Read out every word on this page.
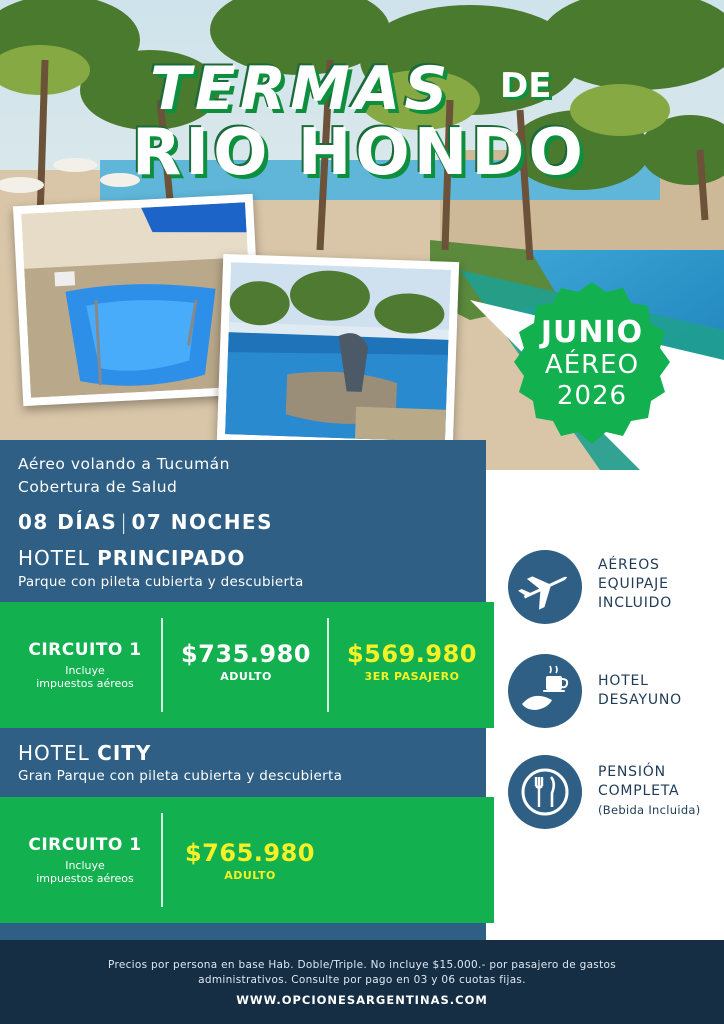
TERMAS DE
RIO HONDO
JUNIO
AÉREO
2026
Aéreo volando a Tucumán
Cobertura de Salud
08 DÍAS | 07 NOCHES
HOTEL PRINCIPADO
Parque con pileta cubierta y descubierta
CIRCUITO 1
Incluye
impuestos aéreos
$735.980
ADULTO
$569.980
3ER PASAJERO
HOTEL CITY
Gran Parque con pileta cubierta y descubierta
CIRCUITO 1
Incluye
impuestos aéreos
$765.980
ADULTO
AÉREOS
EQUIPAJE
INCLUIDO
HOTEL
DESAYUNO
PENSIÓN
COMPLETA
(Bebida Incluida)
Precios por persona en base Hab. Doble/Triple. No incluye $15.000.- por pasajero de gastos administrativos. Consulte por pago en 03 y 06 cuotas fijas.
WWW.OPCIONESARGENTINAS.COM
